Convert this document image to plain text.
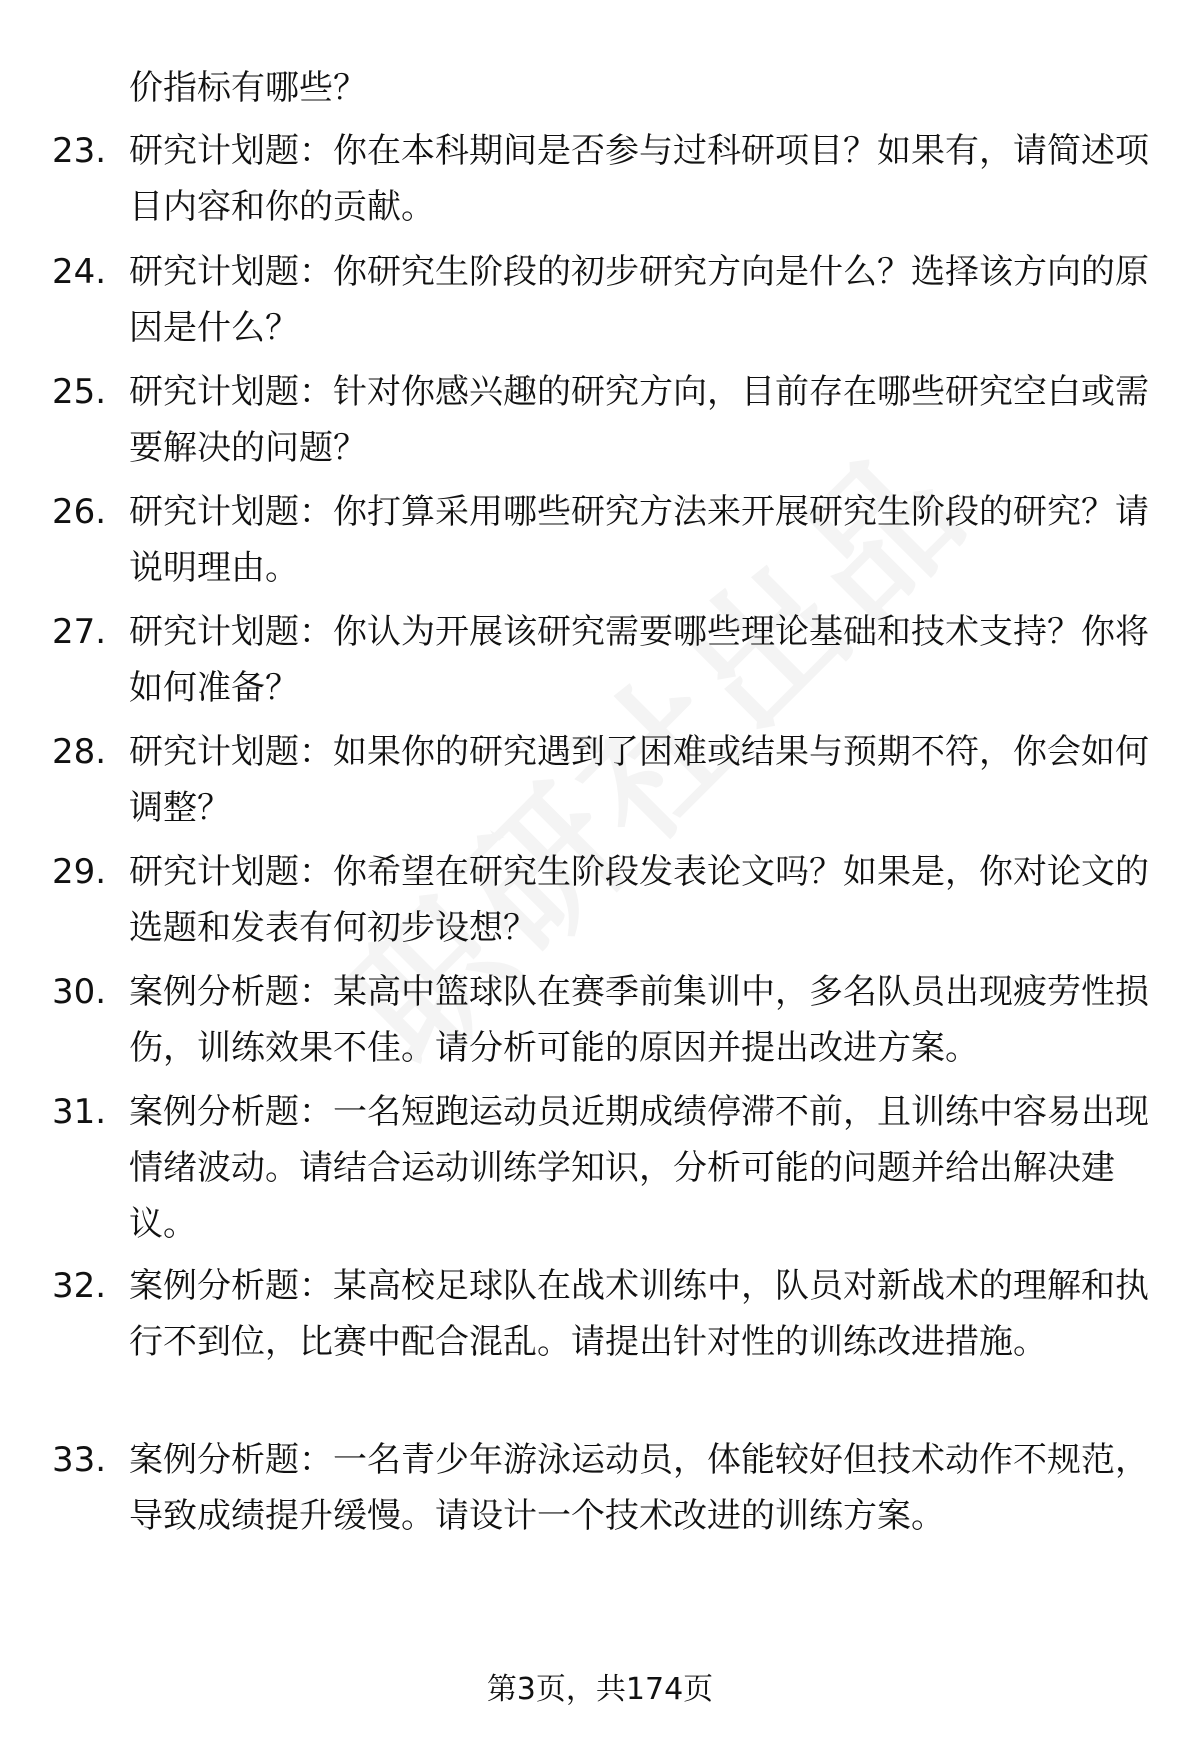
价指标有哪些？

23. 研究计划题：你在本科期间是否参与过科研项目？如果有，请简述项目内容和你的贡献。
24. 研究计划题：你研究生阶段的初步研究方向是什么？选择该方向的原因是什么？
25. 研究计划题：针对你感兴趣的研究方向，目前存在哪些研究空白或需要解决的问题？
26. 研究计划题：你打算采用哪些研究方法来开展研究生阶段的研究？请说明理由。
27. 研究计划题：你认为开展该研究需要哪些理论基础和技术支持？你将如何准备？
28. 研究计划题：如果你的研究遇到了困难或结果与预期不符，你会如何调整？
29. 研究计划题：你希望在研究生阶段发表论文吗？如果是，你对论文的选题和发表有何初步设想？
30. 案例分析题：某高中篮球队在赛季前集训中，多名队员出现疲劳性损伤，训练效果不佳。请分析可能的原因并提出改进方案。
31. 案例分析题：一名短跑运动员近期成绩停滞不前，且训练中容易出现情绪波动。请结合运动训练学知识，分析可能的问题并给出解决建议。
32. 案例分析题：某高校足球队在战术训练中，队员对新战术的理解和执行不到位，比赛中配合混乱。请提出针对性的训练改进措施。
33. 案例分析题：一名青少年游泳运动员，体能较好但技术动作不规范，导致成绩提升缓慢。请设计一个技术改进的训练方案。
第3页，共174页
